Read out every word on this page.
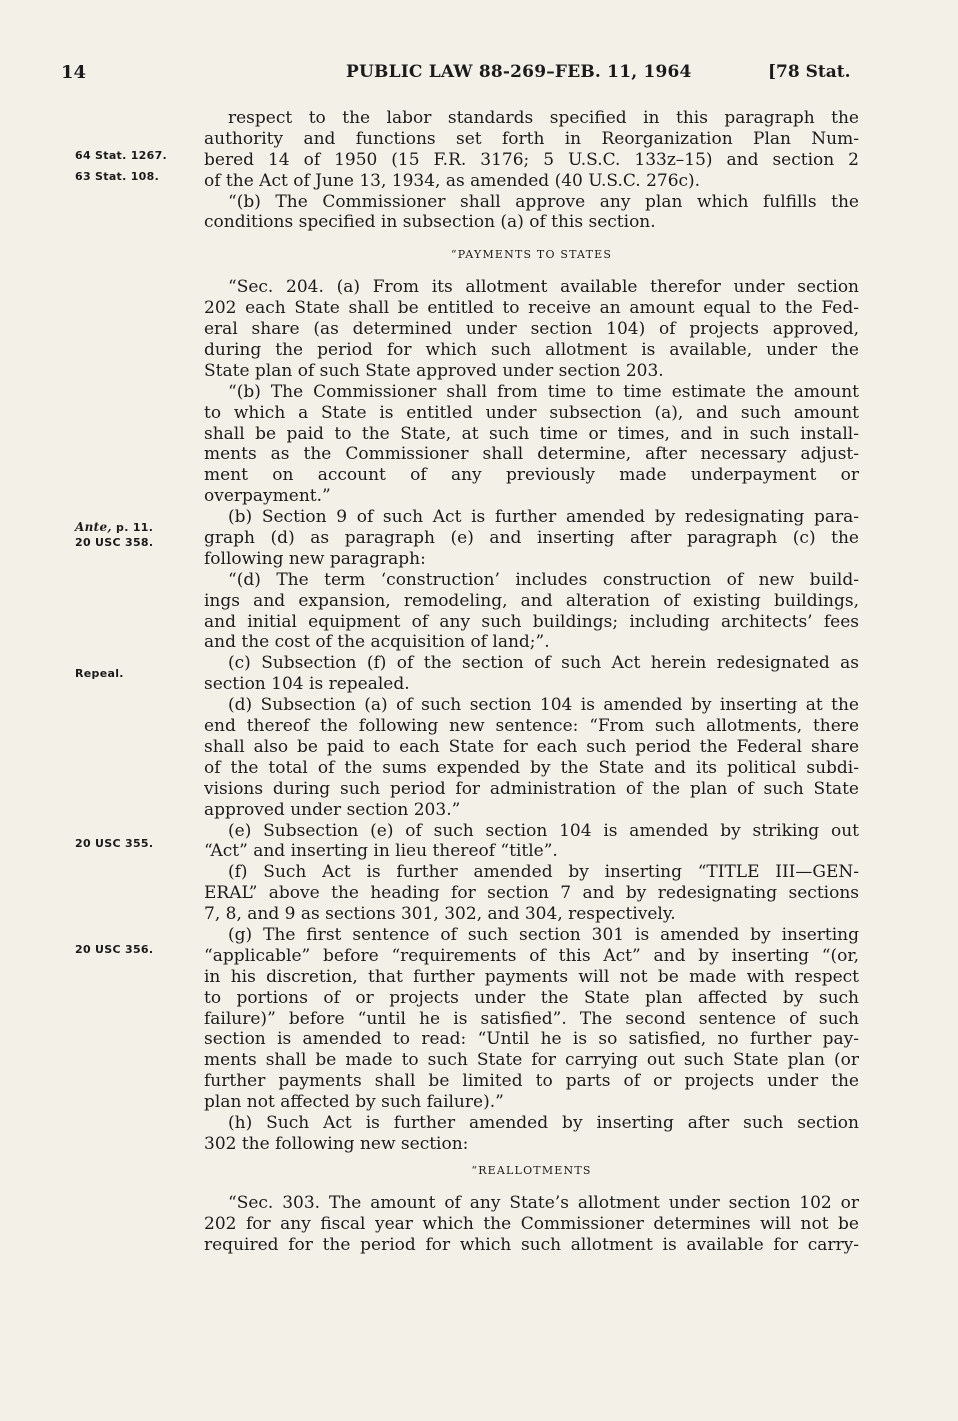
14	PUBLIC LAW 88-269–FEB. 11, 1964	[78 Stat.
64 Stat. 1267.
63 Stat. 108.
Ante, p. 11.
20 USC 358.
Repeal.
20 USC 355.
20 USC 356.
respect to the labor standards specified in this paragraph the
authority and functions set forth in Reorganization Plan Num-
bered 14 of 1950 (15 F.R. 3176; 5 U.S.C. 133z–15) and section 2
of the Act of June 13, 1934, as amended (40 U.S.C. 276c).
“(b) The Commissioner shall approve any plan which fulfills the
conditions specified in subsection (a) of this section.
“PAYMENTS TO STATES
“Sec. 204. (a) From its allotment available therefor under section
202 each State shall be entitled to receive an amount equal to the Fed-
eral share (as determined under section 104) of projects approved,
during the period for which such allotment is available, under the
State plan of such State approved under section 203.
“(b) The Commissioner shall from time to time estimate the amount
to which a State is entitled under subsection (a), and such amount
shall be paid to the State, at such time or times, and in such install-
ments as the Commissioner shall determine, after necessary adjust-
ment on account of any previously made underpayment or
overpayment.”
(b) Section 9 of such Act is further amended by redesignating para-
graph (d) as paragraph (e) and inserting after paragraph (c) the
following new paragraph:
“(d) The term ‘construction’ includes construction of new build-
ings and expansion, remodeling, and alteration of existing buildings,
and initial equipment of any such buildings; including architects’ fees
and the cost of the acquisition of land;”.
(c) Subsection (f) of the section of such Act herein redesignated as
section 104 is repealed.
(d) Subsection (a) of such section 104 is amended by inserting at the
end thereof the following new sentence: “From such allotments, there
shall also be paid to each State for each such period the Federal share
of the total of the sums expended by the State and its political subdi-
visions during such period for administration of the plan of such State
approved under section 203.”
(e) Subsection (e) of such section 104 is amended by striking out
“Act” and inserting in lieu thereof “title”.
(f) Such Act is further amended by inserting “TITLE III—GEN-
ERAL” above the heading for section 7 and by redesignating sections
7, 8, and 9 as sections 301, 302, and 304, respectively.
(g) The first sentence of such section 301 is amended by inserting
“applicable” before “requirements of this Act” and by inserting “(or,
in his discretion, that further payments will not be made with respect
to portions of or projects under the State plan affected by such
failure)” before “until he is satisfied”. The second sentence of such
section is amended to read: “Until he is so satisfied, no further pay-
ments shall be made to such State for carrying out such State plan (or
further payments shall be limited to parts of or projects under the
plan not affected by such failure).”
(h) Such Act is further amended by inserting after such section
302 the following new section:
“REALLOTMENTS
“Sec. 303. The amount of any State’s allotment under section 102 or
202 for any fiscal year which the Commissioner determines will not be
required for the period for which such allotment is available for carry-
